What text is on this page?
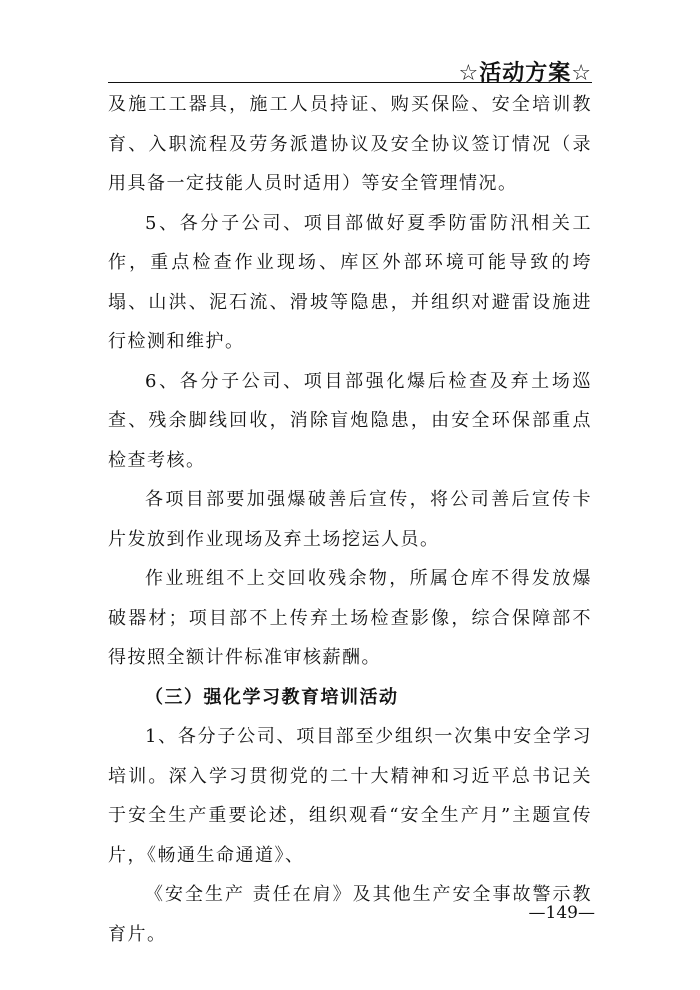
☆活动方案☆

及施工工器具，施工人员持证、购买保险、安全培训教育、入职流程及劳务派遣协议及安全协议签订情况（录用具备一定技能人员时适用）等安全管理情况。

5、各分子公司、项目部做好夏季防雷防汛相关工作，重点检查作业现场、库区外部环境可能导致的垮塌、山洪、泥石流、滑坡等隐患，并组织对避雷设施进行检测和维护。

6、各分子公司、项目部强化爆后检查及弃土场巡查、残余脚线回收，消除盲炮隐患，由安全环保部重点检查考核。

各项目部要加强爆破善后宣传，将公司善后宣传卡片发放到作业现场及弃土场挖运人员。

作业班组不上交回收残余物，所属仓库不得发放爆破器材；项目部不上传弃土场检查影像，综合保障部不得按照全额计件标准审核薪酬。

（三）强化学习教育培训活动

1、各分子公司、项目部至少组织一次集中安全学习培训。深入学习贯彻党的二十大精神和习近平总书记关于安全生产重要论述，组织观看“安全生产月”主题宣传片，《畅通生命通道》、

《安全生产 责任在肩》及其他生产安全事故警示教育片。

—149—
